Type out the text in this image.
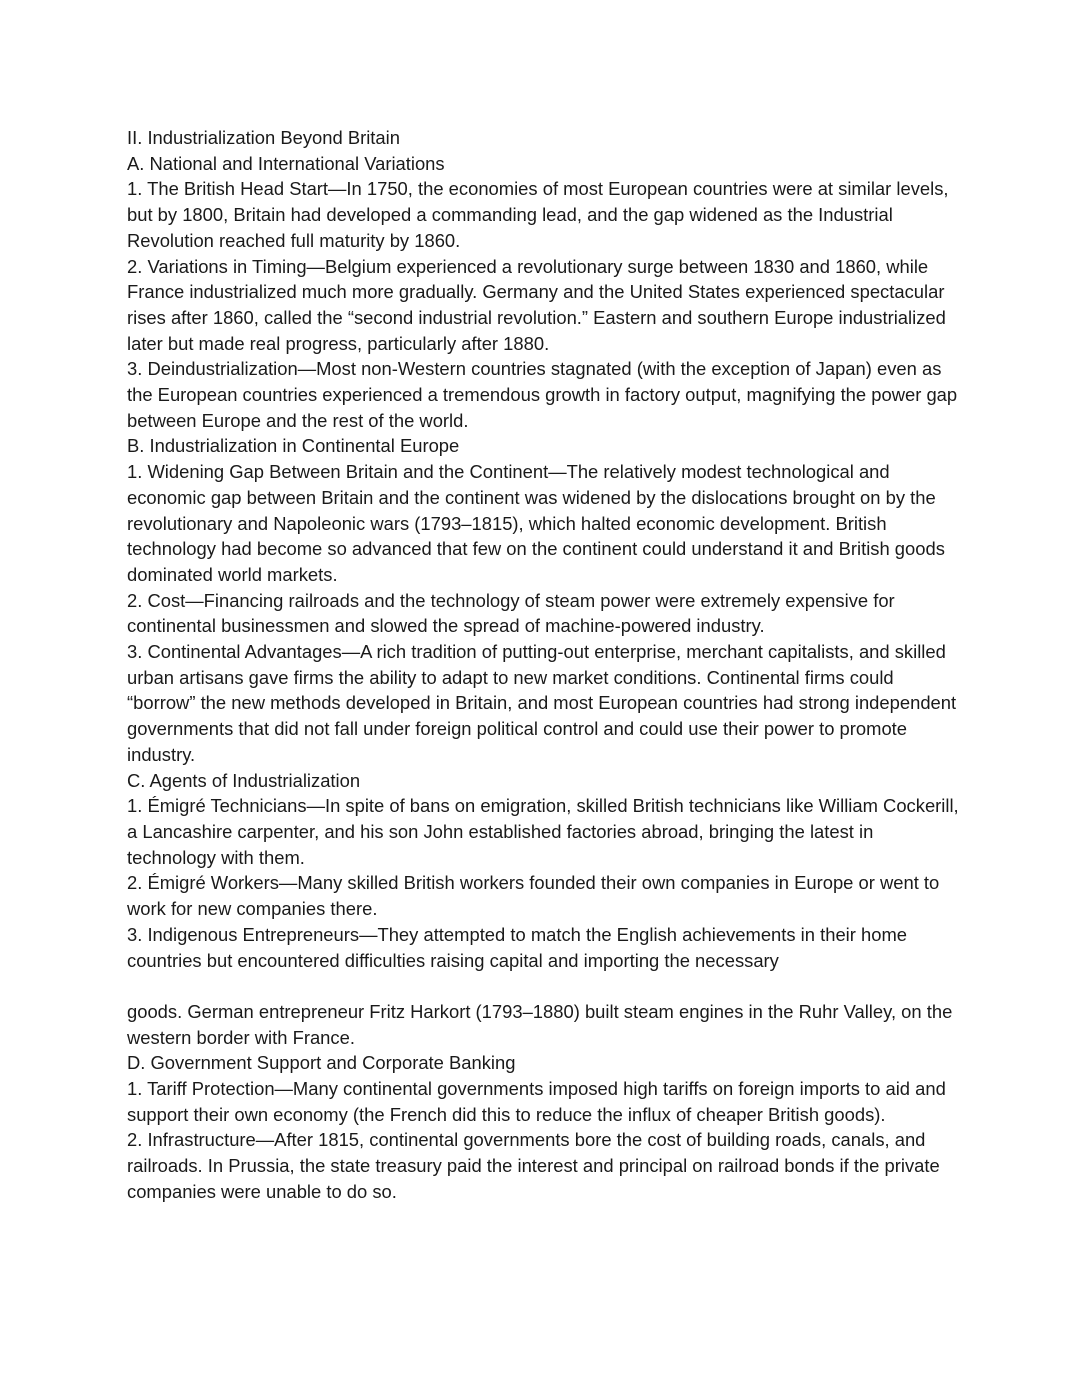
II. Industrialization Beyond Britain
A. National and International Variations
1. The British Head Start—In 1750, the economies of most European countries were at similar levels, but by 1800, Britain had developed a commanding lead, and the gap widened as the Industrial Revolution reached full maturity by 1860.
2. Variations in Timing—Belgium experienced a revolutionary surge between 1830 and 1860, while France industrialized much more gradually. Germany and the United States experienced spectacular rises after 1860, called the “second industrial revolution.” Eastern and southern Europe industrialized later but made real progress, particularly after 1880.
3. Deindustrialization—Most non-Western countries stagnated (with the exception of Japan) even as the European countries experienced a tremendous growth in factory output, magnifying the power gap between Europe and the rest of the world.
B. Industrialization in Continental Europe
1. Widening Gap Between Britain and the Continent—The relatively modest technological and economic gap between Britain and the continent was widened by the dislocations brought on by the revolutionary and Napoleonic wars (1793–1815), which halted economic development. British technology had become so advanced that few on the continent could understand it and British goods dominated world markets.
2. Cost—Financing railroads and the technology of steam power were extremely expensive for continental businessmen and slowed the spread of machine-powered industry.
3. Continental Advantages—A rich tradition of putting-out enterprise, merchant capitalists, and skilled urban artisans gave firms the ability to adapt to new market conditions. Continental firms could “borrow” the new methods developed in Britain, and most European countries had strong independent governments that did not fall under foreign political control and could use their power to promote industry.
C. Agents of Industrialization
1. Émigré Technicians—In spite of bans on emigration, skilled British technicians like William Cockerill, a Lancashire carpenter, and his son John established factories abroad, bringing the latest in technology with them.
2. Émigré Workers—Many skilled British workers founded their own companies in Europe or went to work for new companies there.
3. Indigenous Entrepreneurs—They attempted to match the English achievements in their home countries but encountered difficulties raising capital and importing the necessary
goods. German entrepreneur Fritz Harkort (1793–1880) built steam engines in the Ruhr Valley, on the western border with France.
D. Government Support and Corporate Banking
1. Tariff Protection—Many continental governments imposed high tariffs on foreign imports to aid and support their own economy (the French did this to reduce the influx of cheaper British goods).
2. Infrastructure—After 1815, continental governments bore the cost of building roads, canals, and railroads. In Prussia, the state treasury paid the interest and principal on railroad bonds if the private companies were unable to do so.
